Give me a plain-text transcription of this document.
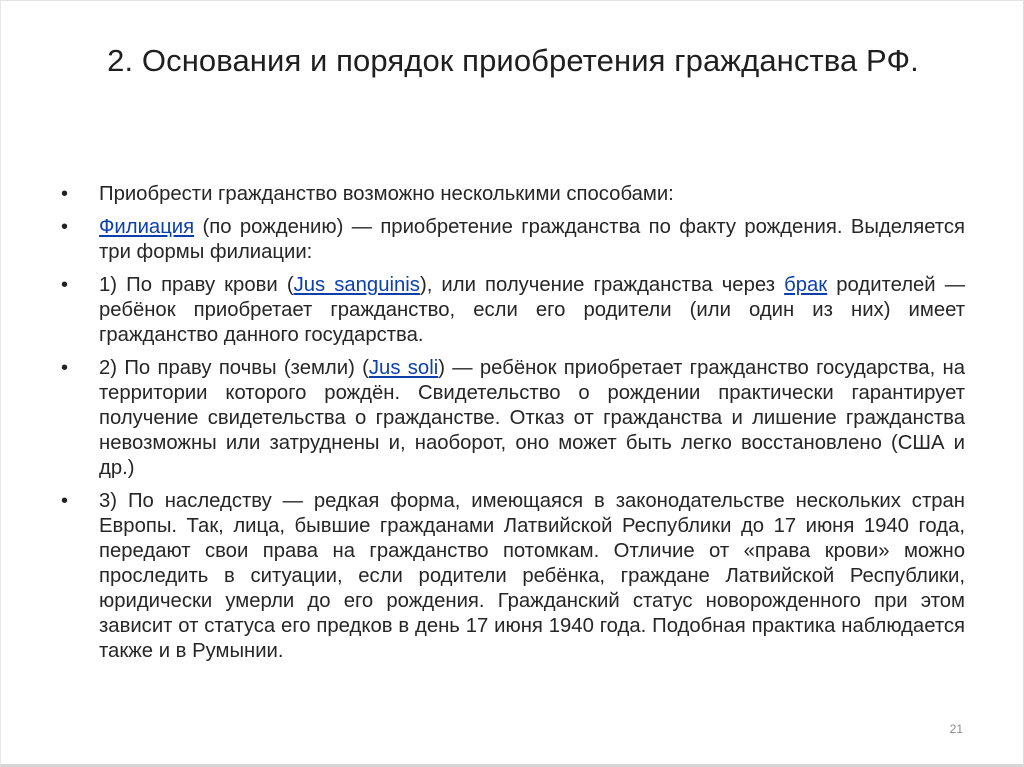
2. Основания и порядок приобретения гражданства РФ.
•	Приобрести гражданство возможно несколькими способами:
•	Филиация (по рождению) — приобретение гражданства по факту рождения. Выделяется три формы филиации:
•	1) По праву крови (Jus sanguinis), или получение гражданства через брак родителей — ребёнок приобретает гражданство, если его родители (или один из них) имеет гражданство данного государства.
•	2) По праву почвы (земли) (Jus soli) — ребёнок приобретает гражданство государства, на территории которого рождён. Свидетельство о рождении практически гарантирует получение свидетельства о гражданстве. Отказ от гражданства и лишение гражданства невозможны или затруднены и, наоборот, оно может быть легко восстановлено (США и др.)
•	3) По наследству — редкая форма, имеющаяся в законодательстве нескольких стран Европы. Так, лица, бывшие гражданами Латвийской Республики до 17 июня 1940 года, передают свои права на гражданство потомкам. Отличие от «права крови» можно проследить в ситуации, если родители ребёнка, граждане Латвийской Республики, юридически умерли до его рождения. Гражданский статус новорожденного при этом зависит от статуса его предков в день 17 июня 1940 года. Подобная практика наблюдается также и в Румынии.
21
